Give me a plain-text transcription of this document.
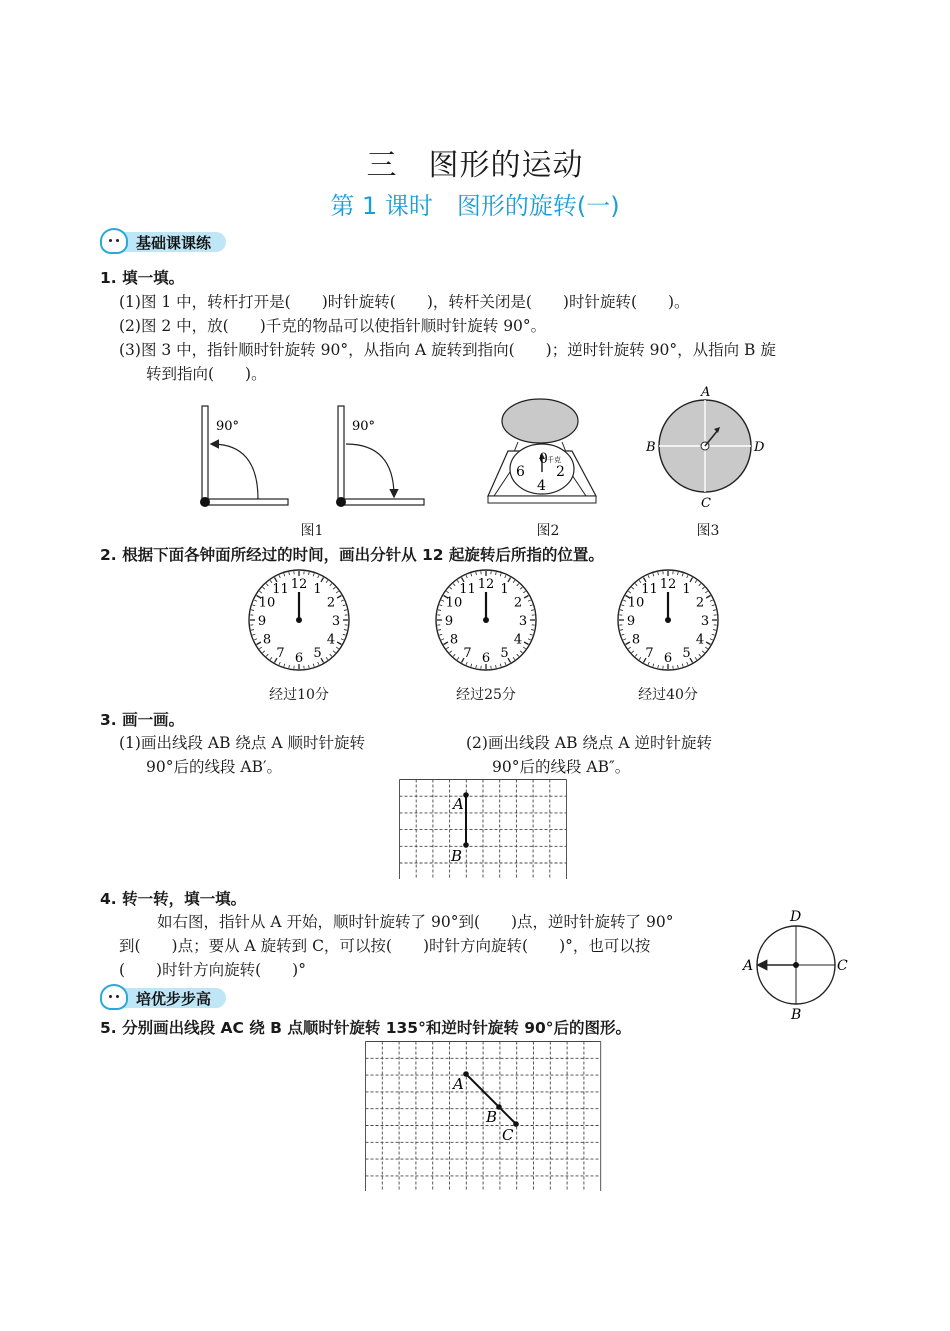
三　图形的运动
第 1 课时　图形的旋转(一)
基础课课练
1. 填一填。
(1)图 1 中，转杆打开是(　　)时针旋转(　　)，转杆关闭是(　　)时针旋转(　　)。
(2)图 2 中，放(　　)千克的物品可以使指针顺时针旋转 90°。
(3)图 3 中，指针顺时针旋转 90°，从指向 A 旋转到指向(　　)；逆时针旋转 90°，从指向 B 旋
转到指向(　　)。
90°	90°
图1
0 千克
6 2
4
图2
A
B
C
D
图3
2. 根据下面各钟面所经过的时间，画出分针从 12 起旋转后所指的位置。
12 1
2
3
4
5
6
7
8
9
10
11	12 1
2
3
4
5
6
7
8
9
10
11	12 1
2
3
4
5
6
7
8
9
10
11
经过10分	经过25分	经过40分
3. 画一画。
(1)画出线段 AB 绕点 A 顺时针旋转
90°后的线段 AB′。
(2)画出线段 AB 绕点 A 逆时针旋转
90°后的线段 AB″。
A
B
4. 转一转，填一填。
如右图，指针从 A 开始，顺时针旋转了 90°到(　　)点，逆时针旋转了 90°
到(　　)点；要从 A 旋转到 C，可以按(　　)时针方向旋转(　　)°，也可以按
(　　)时针方向旋转(　　)°
D
A	C
B
培优步步高
5. 分别画出线段 AC 绕 B 点顺时针旋转 135°和逆时针旋转 90°后的图形。
A
B
C
